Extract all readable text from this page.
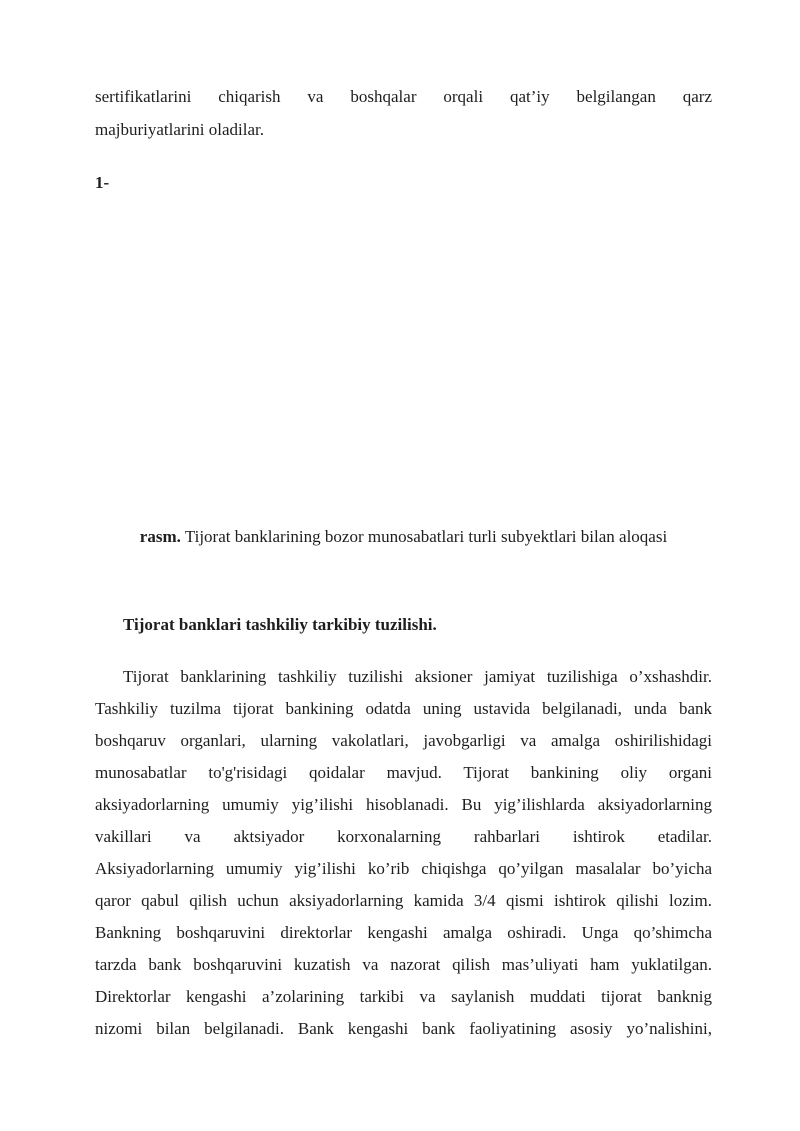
sertifikatlarini chiqarish va boshqalar orqali qat’iy belgilangan qarz
majburiyatlarini oladilar.

1-

rasm. Tijorat banklarining bozor munosabatlari turli subyektlari bilan aloqasi

Tijorat banklari tashkiliy tarkibiy tuzilishi.
Tijorat banklarining tashkiliy tuzilishi aksioner jamiyat tuzilishiga o’xshashdir.
Tashkiliy tuzilma tijorat bankining odatda uning ustavida belgilanadi, unda bank
boshqaruv organlari, ularning vakolatlari, javobgarligi va amalga oshirilishidagi
munosabatlar to'g'risidagi qoidalar mavjud. Tijorat bankining oliy organi
aksiyadorlarning umumiy yig’ilishi hisoblanadi. Bu yig’ilishlarda aksiyadorlarning
vakillari va aktsiyador korxonalarning rahbarlari ishtirok etadilar.
Aksiyadorlarning umumiy yig’ilishi ko’rib chiqishga qo’yilgan masalalar bo’yicha
qaror qabul qilish uchun aksiyadorlarning kamida 3/4 qismi ishtirok qilishi lozim.
Bankning boshqaruvini direktorlar kengashi amalga oshiradi. Unga qo’shimcha
tarzda bank boshqaruvini kuzatish va nazorat qilish mas’uliyati ham yuklatilgan.
Direktorlar kengashi a’zolarining tarkibi va saylanish muddati tijorat banknig
nizomi bilan belgilanadi. Bank kengashi bank faoliyatining asosiy yo’nalishini,
